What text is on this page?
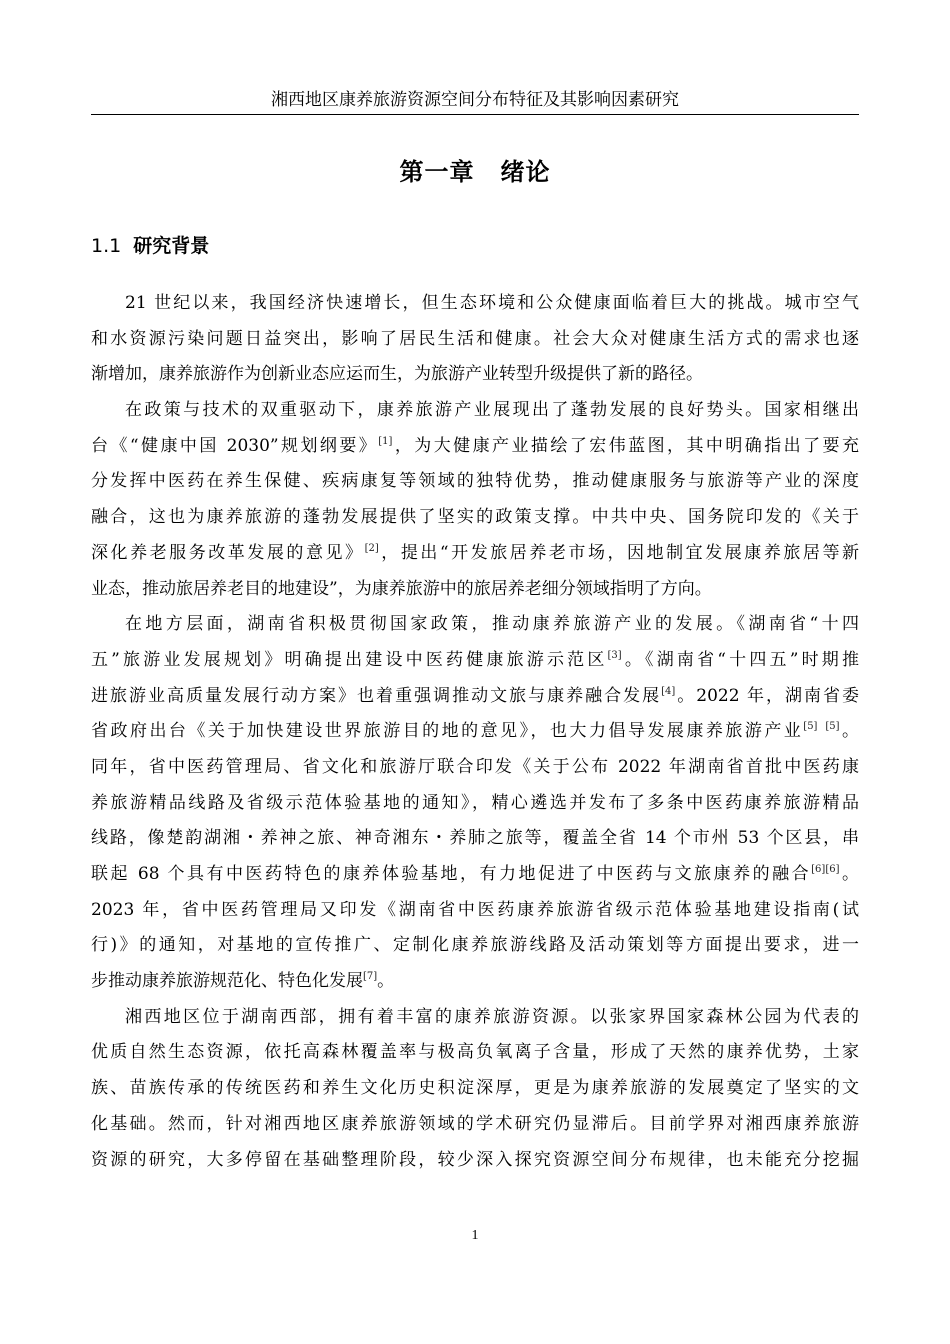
湘西地区康养旅游资源空间分布特征及其影响因素研究
第一章 绪论
1.1 研究背景
21 世纪以来，我国经济快速增长，但生态环境和公众健康面临着巨大的挑战。城市空气
和水资源污染问题日益突出，影响了居民生活和健康。社会大众对健康生活方式的需求也逐
渐增加，康养旅游作为创新业态应运而生，为旅游产业转型升级提供了新的路径。
在政策与技术的双重驱动下，康养旅游产业展现出了蓬勃发展的良好势头。国家相继出
台《“健康中国 2030”规划纲要》[1]，为大健康产业描绘了宏伟蓝图，其中明确指出了要充
分发挥中医药在养生保健、疾病康复等领域的独特优势，推动健康服务与旅游等产业的深度
融合，这也为康养旅游的蓬勃发展提供了坚实的政策支撑。中共中央、国务院印发的《关于
深化养老服务改革发展的意见》[2]，提出“开发旅居养老市场，因地制宜发展康养旅居等新
业态，推动旅居养老目的地建设”，为康养旅游中的旅居养老细分领域指明了方向。
在地方层面，湖南省积极贯彻国家政策，推动康养旅游产业的发展。《湖南省“十四
五”旅游业发展规划》明确提出建设中医药健康旅游示范区[3]。《湖南省“十四五”时期推
进旅游业高质量发展行动方案》也着重强调推动文旅与康养融合发展[4]。2022 年，湖南省委
省政府出台《关于加快建设世界旅游目的地的意见》，也大力倡导发展康养旅游产业[5] [5]。
同年，省中医药管理局、省文化和旅游厅联合印发《关于公布 2022 年湖南省首批中医药康
养旅游精品线路及省级示范体验基地的通知》，精心遴选并发布了多条中医药康养旅游精品
线路，像楚韵湖湘・养神之旅、神奇湘东・养肺之旅等，覆盖全省 14 个市州 53 个区县，串
联起 68 个具有中医药特色的康养体验基地，有力地促进了中医药与文旅康养的融合[6][6]。
2023 年，省中医药管理局又印发《湖南省中医药康养旅游省级示范体验基地建设指南(试
行)》的通知，对基地的宣传推广、定制化康养旅游线路及活动策划等方面提出要求，进一
步推动康养旅游规范化、特色化发展[7]。
湘西地区位于湖南西部，拥有着丰富的康养旅游资源。以张家界国家森林公园为代表的
优质自然生态资源，依托高森林覆盖率与极高负氧离子含量，形成了天然的康养优势，土家
族、苗族传承的传统医药和养生文化历史积淀深厚，更是为康养旅游的发展奠定了坚实的文
化基础。然而，针对湘西地区康养旅游领域的学术研究仍显滞后。目前学界对湘西康养旅游
资源的研究，大多停留在基础整理阶段，较少深入探究资源空间分布规律，也未能充分挖掘
1
